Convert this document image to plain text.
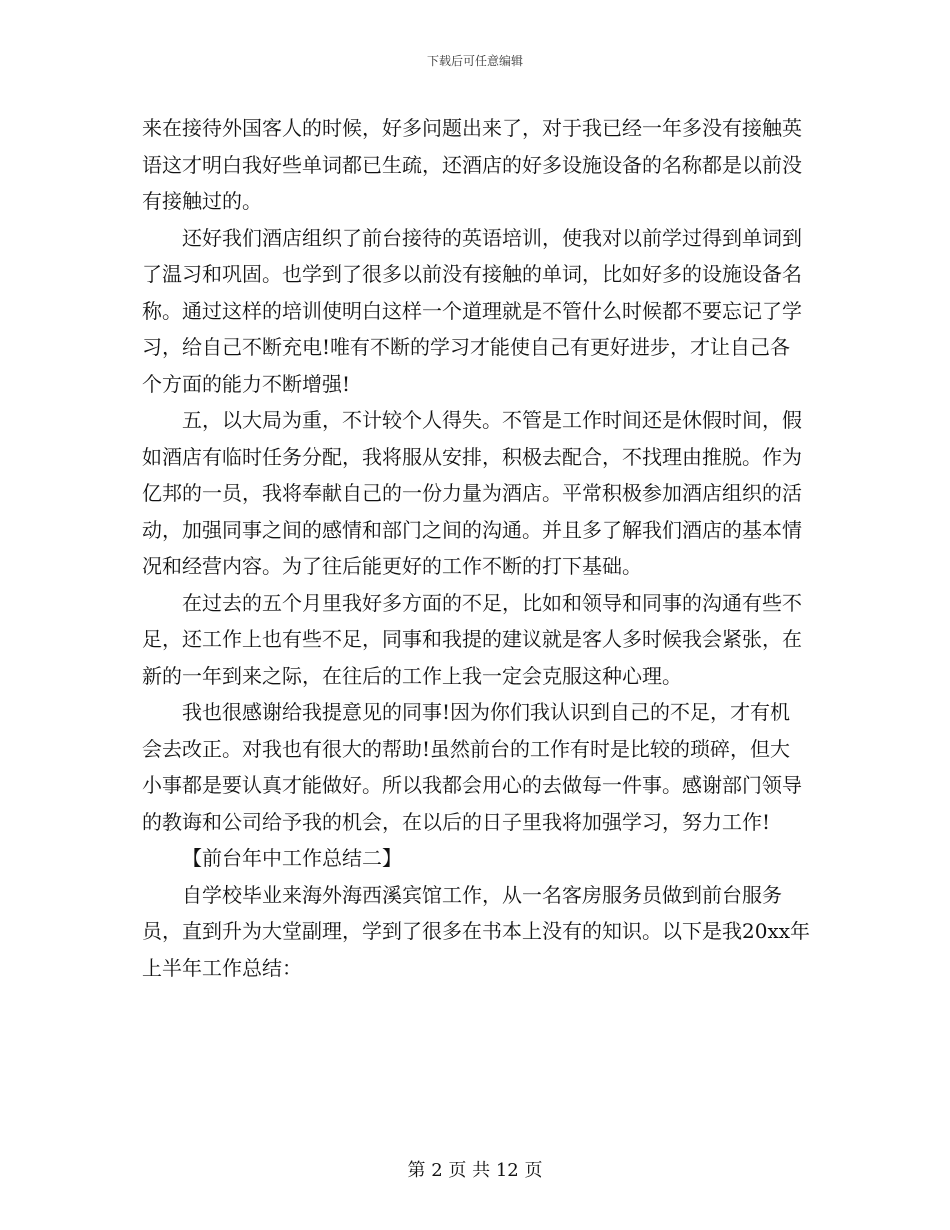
下载后可任意编辑

来在接待外国客人的时候，好多问题出来了，对于我已经一年多没有接触英语这才明白我好些单词都已生疏，还酒店的好多设施设备的名称都是以前没有接触过的。

还好我们酒店组织了前台接待的英语培训，使我对以前学过得到单词到了温习和巩固。也学到了很多以前没有接触的单词，比如好多的设施设备名称。通过这样的培训使明白这样一个道理就是不管什么时候都不要忘记了学习，给自己不断充电!唯有不断的学习才能使自己有更好进步，才让自己各个方面的能力不断增强!

五，以大局为重，不计较个人得失。不管是工作时间还是休假时间，假如酒店有临时任务分配，我将服从安排，积极去配合，不找理由推脱。作为亿邦的一员，我将奉献自己的一份力量为酒店。平常积极参加酒店组织的活动，加强同事之间的感情和部门之间的沟通。并且多了解我们酒店的基本情况和经营内容。为了往后能更好的工作不断的打下基础。

在过去的五个月里我好多方面的不足，比如和领导和同事的沟通有些不足，还工作上也有些不足，同事和我提的建议就是客人多时候我会紧张，在新的一年到来之际，在往后的工作上我一定会克服这种心理。

我也很感谢给我提意见的同事!因为你们我认识到自己的不足，才有机会去改正。对我也有很大的帮助!虽然前台的工作有时是比较的琐碎，但大小事都是要认真才能做好。所以我都会用心的去做每一件事。感谢部门领导的教诲和公司给予我的机会，在以后的日子里我将加强学习，努力工作!

【前台年中工作总结二】

自学校毕业来海外海西溪宾馆工作，从一名客房服务员做到前台服务员，直到升为大堂副理，学到了很多在书本上没有的知识。以下是我20xx年上半年工作总结：

第 2 页 共 12 页
